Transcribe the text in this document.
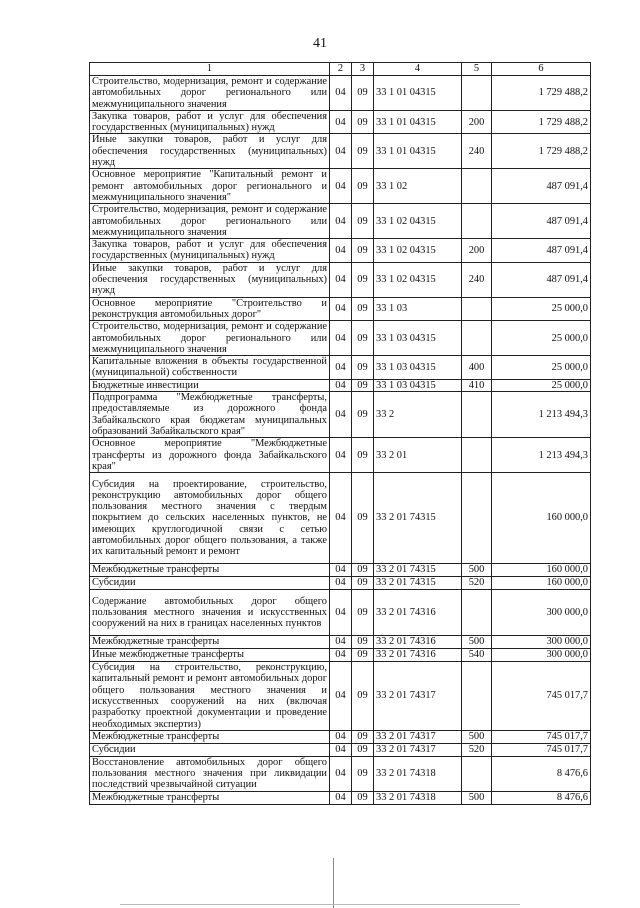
41
1	2	3	4	5	6
Строительство, модернизация, ремонт и содержание автомобильных дорог регионального или межмуниципального значения	04	09	33 1 01 04315		1 729 488,2
Закупка товаров, работ и услуг для обеспечения государственных (муниципальных) нужд	04	09	33 1 01 04315	200	1 729 488,2
Иные закупки товаров, работ и услуг для обеспечения государственных (муниципальных) нужд	04	09	33 1 01 04315	240	1 729 488,2
Основное мероприятие "Капитальный ремонт и ремонт автомобильных дорог регионального и межмуниципального значения"	04	09	33 1 02		487 091,4
Строительство, модернизация, ремонт и содержание автомобильных дорог регионального или межмуниципального значения	04	09	33 1 02 04315		487 091,4
Закупка товаров, работ и услуг для обеспечения государственных (муниципальных) нужд	04	09	33 1 02 04315	200	487 091,4
Иные закупки товаров, работ и услуг для обеспечения государственных (муниципальных) нужд	04	09	33 1 02 04315	240	487 091,4
Основное мероприятие "Строительство и реконструкция автомобильных дорог"	04	09	33 1 03		25 000,0
Строительство, модернизация, ремонт и содержание автомобильных дорог регионального или межмуниципального значения	04	09	33 1 03 04315		25 000,0
Капитальные вложения в объекты государственной (муниципальной) собственности	04	09	33 1 03 04315	400	25 000,0
Бюджетные инвестиции	04	09	33 1 03 04315	410	25 000,0
Подпрограмма "Межбюджетные трансферты, предоставляемые из дорожного фонда Забайкальского края бюджетам муниципальных образований Забайкальского края"	04	09	33 2		1 213 494,3
Основное мероприятие "Межбюджетные трансферты из дорожного фонда Забайкальского края"	04	09	33 2 01		1 213 494,3
Субсидия на проектирование, строительство, реконструкцию автомобильных дорог общего пользования местного значения с твердым покрытием до сельских населенных пунктов, не имеющих круглогодичной связи с сетью автомобильных дорог общего пользования, а также их капитальный ремонт и ремонт	04	09	33 2 01 74315		160 000,0
Межбюджетные трансферты	04	09	33 2 01 74315	500	160 000,0
Субсидии	04	09	33 2 01 74315	520	160 000,0
Содержание автомобильных дорог общего пользования местного значения и искусственных сооружений на них в границах населенных пунктов	04	09	33 2 01 74316		300 000,0
Межбюджетные трансферты	04	09	33 2 01 74316	500	300 000,0
Иные межбюджетные трансферты	04	09	33 2 01 74316	540	300 000,0
Субсидия на строительство, реконструкцию, капитальный ремонт и ремонт автомобильных дорог общего пользования местного значения и искусственных сооружений на них (включая разработку проектной документации и проведение необходимых экспертиз)	04	09	33 2 01 74317		745 017,7
Межбюджетные трансферты	04	09	33 2 01 74317	500	745 017,7
Субсидии	04	09	33 2 01 74317	520	745 017,7
Восстановление автомобильных дорог общего пользования местного значения при ликвидации последствий чрезвычайной ситуации	04	09	33 2 01 74318		8 476,6
Межбюджетные трансферты	04	09	33 2 01 74318	500	8 476,6
